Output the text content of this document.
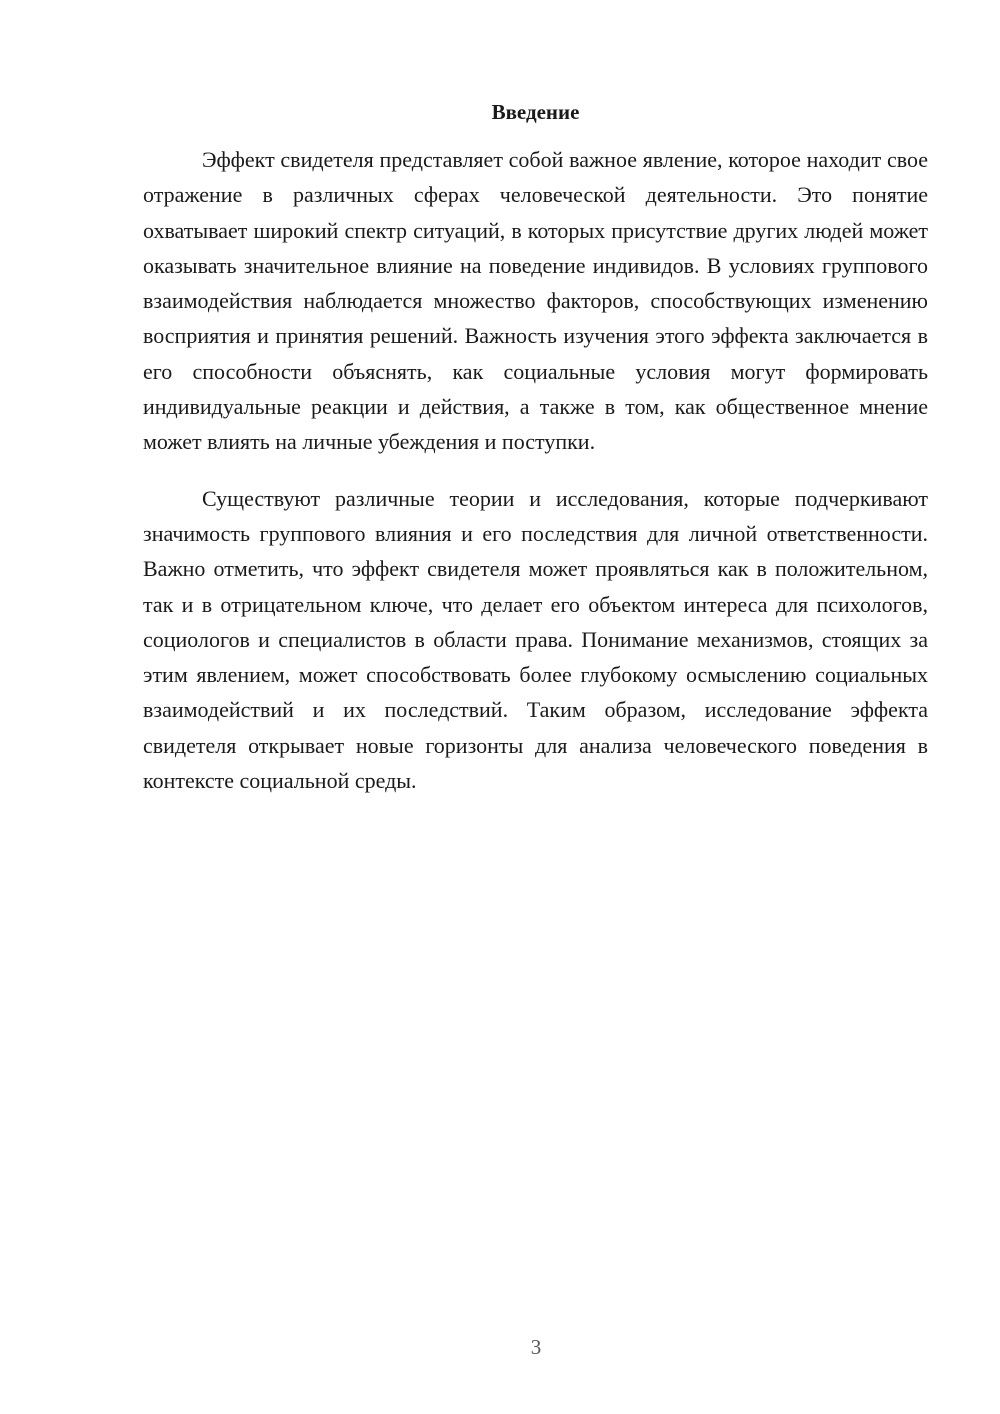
Введение

Эффект свидетеля представляет собой важное явление, которое находит свое отражение в различных сферах человеческой деятельности. Это понятие охватывает широкий спектр ситуаций, в которых присутствие других людей может оказывать значительное влияние на поведение индивидов. В условиях группового взаимодействия наблюдается множество факторов, способствующих изменению восприятия и принятия решений. Важность изучения этого эффекта заключается в его способности объяснять, как социальные условия могут формировать индивидуальные реакции и действия, а также в том, как общественное мнение может влиять на личные убеждения и поступки.

Существуют различные теории и исследования, которые подчеркивают значимость группового влияния и его последствия для личной ответственности. Важно отметить, что эффект свидетеля может проявляться как в положительном, так и в отрицательном ключе, что делает его объектом интереса для психологов, социологов и специалистов в области права. Понимание механизмов, стоящих за этим явлением, может способствовать более глубокому осмыслению социальных взаимодействий и их последствий. Таким образом, исследование эффекта свидетеля открывает новые горизонты для анализа человеческого поведения в контексте социальной среды.

3
